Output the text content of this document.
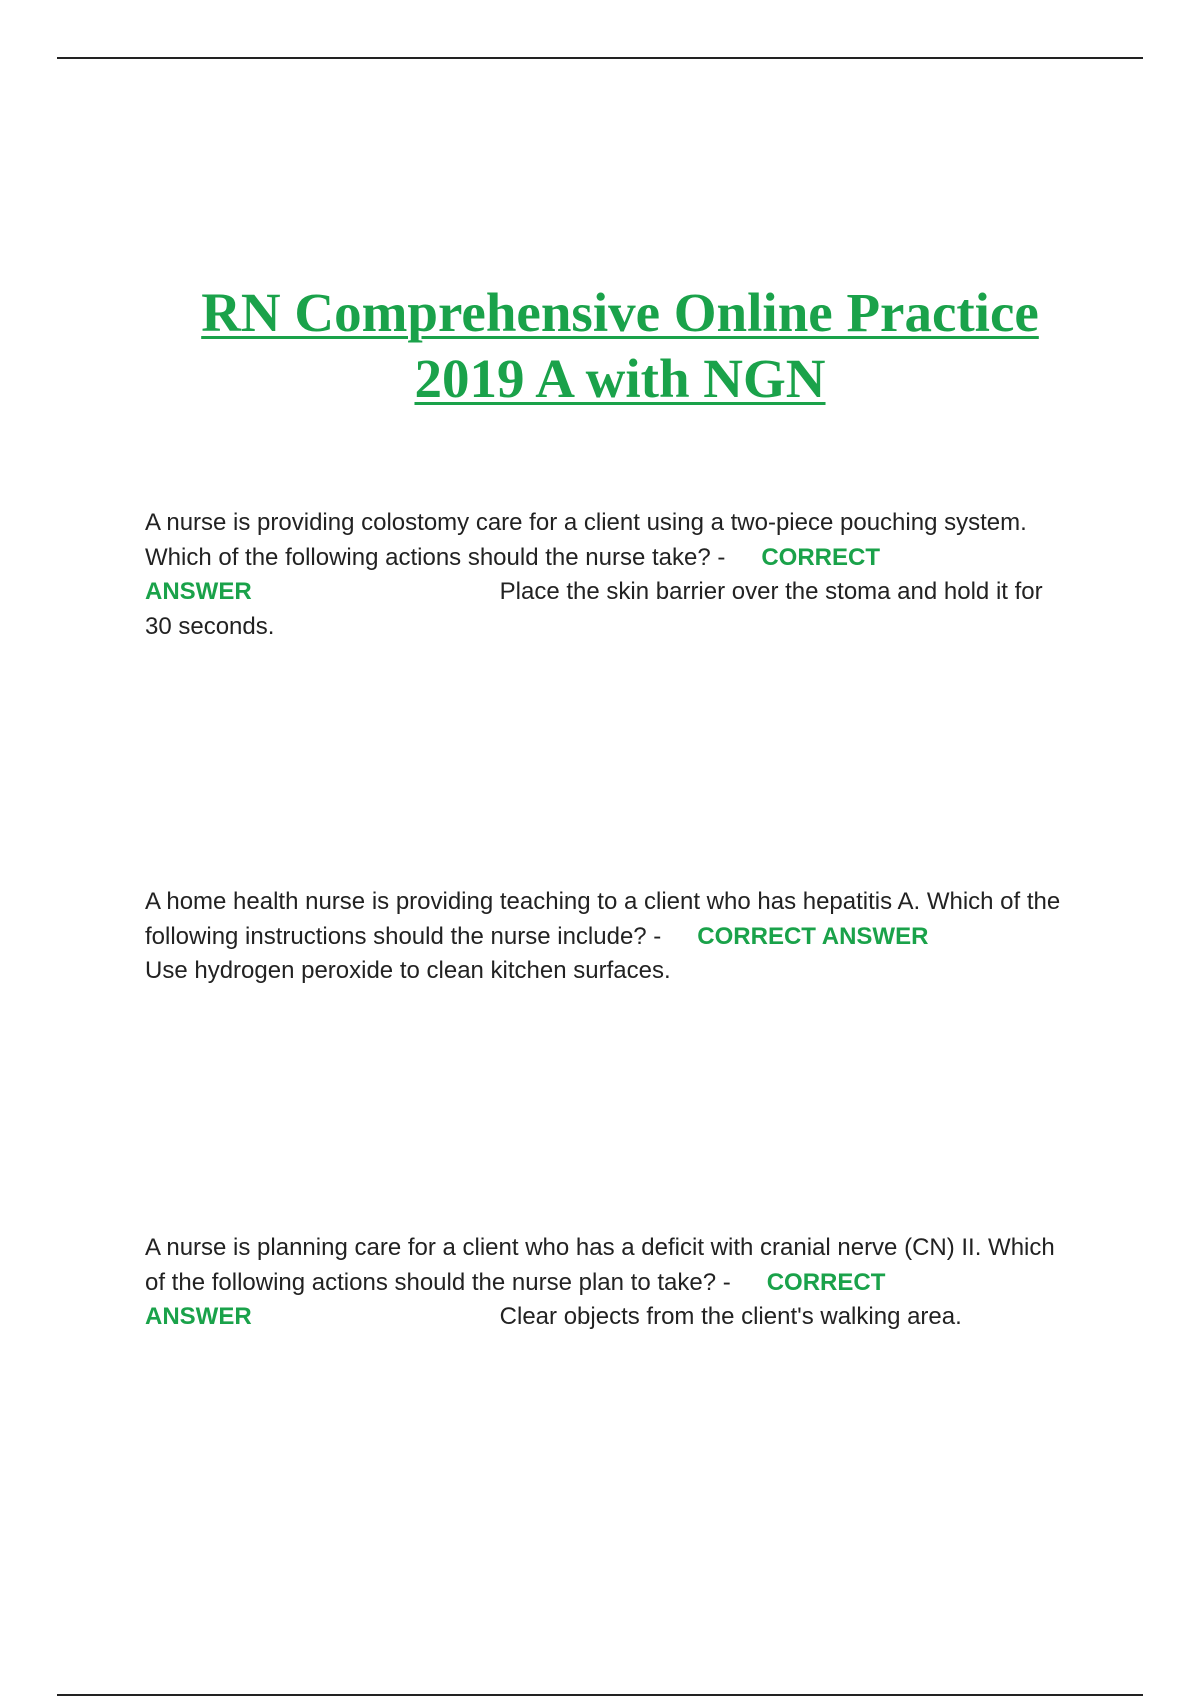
RN Comprehensive Online Practice
2019 A with NGN

A nurse is providing colostomy care for a client using a two-piece pouching system. Which of the following actions should the nurse take? - CORRECT
ANSWER	Place the skin barrier over the stoma and hold it for 30 seconds.

A home health nurse is providing teaching to a client who has hepatitis A. Which of the following instructions should the nurse include? - CORRECT ANSWER
Use hydrogen peroxide to clean kitchen surfaces.

A nurse is planning care for a client who has a deficit with cranial nerve (CN) II. Which of the following actions should the nurse plan to take? - CORRECT
ANSWER	Clear objects from the client's walking area.
